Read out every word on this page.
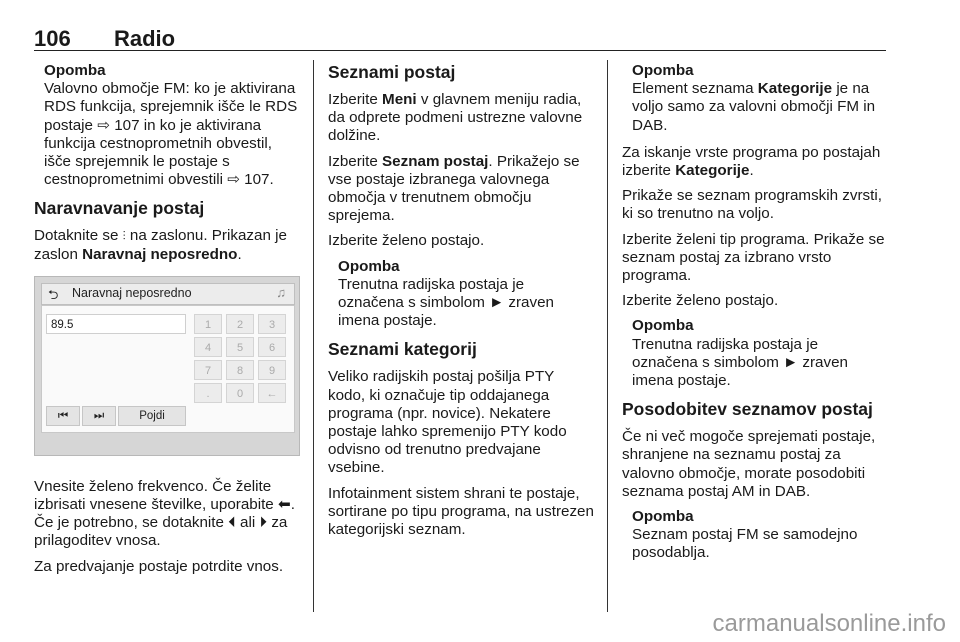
106 Radio
Opomba
Valovno območje FM: ko je aktivirana RDS funkcija, sprejemnik išče le RDS postaje ⇨ 107 in ko je aktivirana funkcija cestnoprometnih obvestil, išče sprejemnik le postaje s cestnoprometnimi obvestili ⇨ 107.
Naravnavanje postaj

Dotaknite se ⫶ na zaslonu. Prikazan je zaslon Naravnaj neposredno.

⮌ Naravnaj neposredno	♫
89.5	1	2	3
4	5	6
7	8	9
.	0	←
⏮	⏭	Pojdi

Vnesite želeno frekvenco. Če želite izbrisati vnesene številke, uporabite ⬅. Če je potrebno, se dotaknite ⏴ ali ⏵ za prilagoditev vnosa.

Za predvajanje postaje potrdite vnos.

Seznami postaj

Izberite Meni v glavnem meniju radia, da odprete podmeni ustrezne valovne dolžine.

Izberite Seznam postaj. Prikažejo se vse postaje izbranega valovnega območja v trenutnem območju sprejema.

Izberite želeno postajo.

Opomba
Trenutna radijska postaja je označena s simbolom ► zraven imena postaje.
Seznami kategorij

Veliko radijskih postaj pošilja PTY kodo, ki označuje tip oddajanega programa (npr. novice). Nekatere postaje lahko spremenijo PTY kodo odvisno od trenutno predvajane vsebine.

Infotainment sistem shrani te postaje, sortirane po tipu programa, na ustrezen kategorijski seznam.

Opomba
Element seznama Kategorije je na voljo samo za valovni območji FM in DAB.

Za iskanje vrste programa po postajah izberite Kategorije.

Prikaže se seznam programskih zvrsti, ki so trenutno na voljo.

Izberite želeni tip programa. Prikaže se seznam postaj za izbrano vrsto programa.

Izberite želeno postajo.

Opomba
Trenutna radijska postaja je označena s simbolom ► zraven imena postaje.
Posodobitev seznamov postaj

Če ni več mogoče sprejemati postaje, shranjene na seznamu postaj za valovno območje, morate posodobiti seznama postaj AM in DAB.

Opomba
Seznam postaj FM se samodejno posodablja.
carmanualsonline.info
